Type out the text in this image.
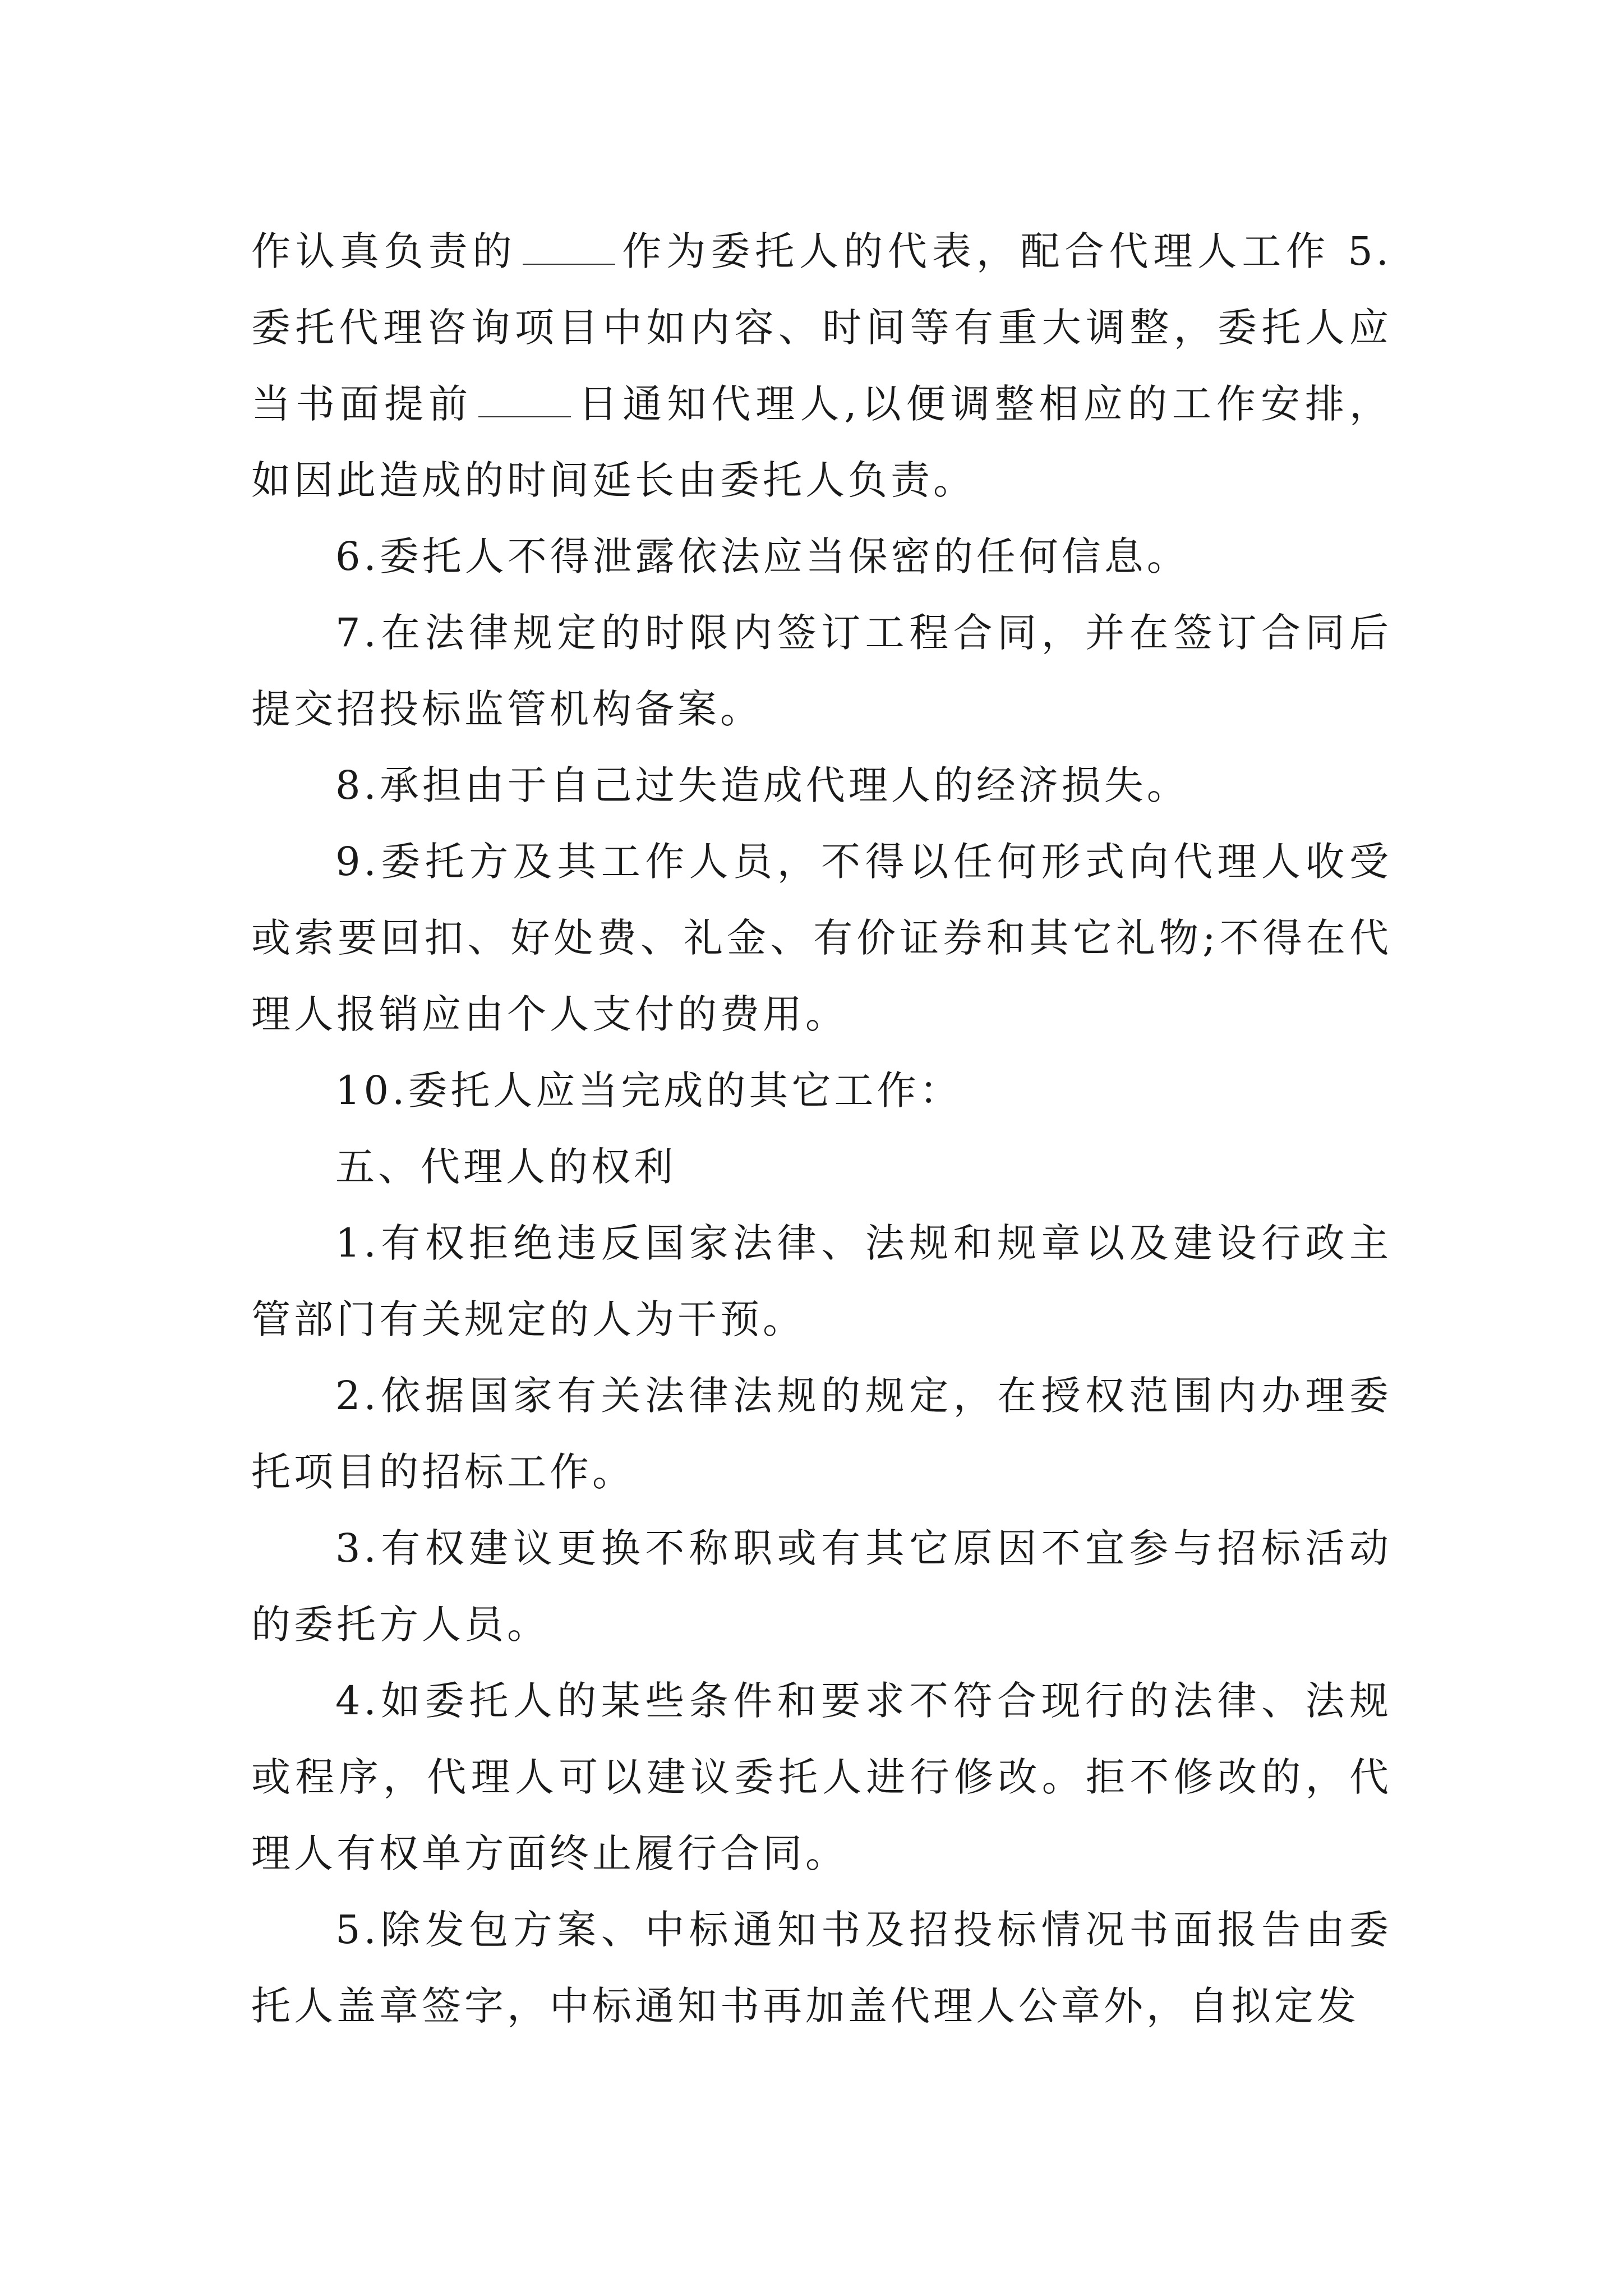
作认真负责的	作为委托人的代表，配合代理人工作 5.委托代理咨询项目中如内容、时间等有重大调整，委托人应当书面提前	日通知代理人,以便调整相应的工作安排，如因此造成的时间延长由委托人负责。

6.委托人不得泄露依法应当保密的任何信息。

7.在法律规定的时限内签订工程合同，并在签订合同后提交招投标监管机构备案。

8.承担由于自己过失造成代理人的经济损失。

9.委托方及其工作人员，不得以任何形式向代理人收受或索要回扣、好处费、礼金、有价证券和其它礼物;不得在代理人报销应由个人支付的费用。

10.委托人应当完成的其它工作：

五、代理人的权利

1.有权拒绝违反国家法律、法规和规章以及建设行政主管部门有关规定的人为干预。

2.依据国家有关法律法规的规定，在授权范围内办理委托项目的招标工作。

3.有权建议更换不称职或有其它原因不宜参与招标活动的委托方人员。

4.如委托人的某些条件和要求不符合现行的法律、法规或程序，代理人可以建议委托人进行修改。拒不修改的，代理人有权单方面终止履行合同。

5.除发包方案、中标通知书及招投标情况书面报告由委托人盖章签字，中标通知书再加盖代理人公章外，自拟定发
